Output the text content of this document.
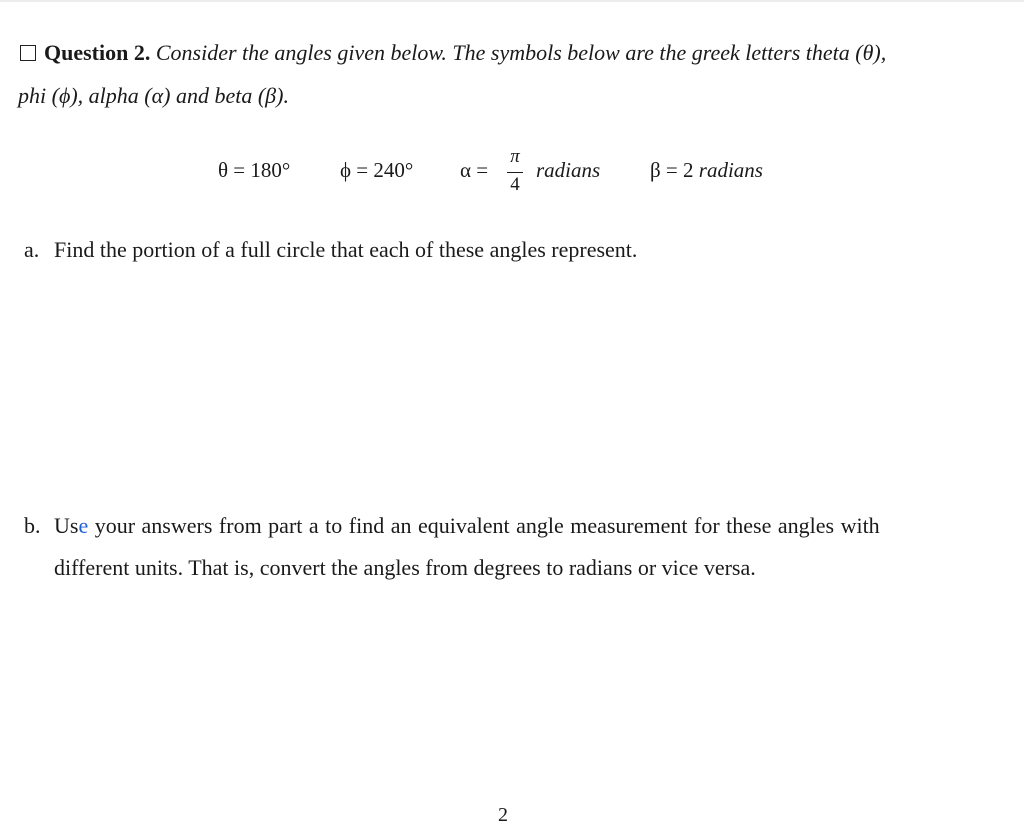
Question 2. Consider the angles given below. The symbols below are the greek letters theta (θ),
phi (ϕ), alpha (α) and beta (β).
θ = 180° ϕ = 240° α =
π
4
radians β = 2 radians
a. Find the portion of a full circle that each of these angles represent.
b. Use your answers from part a to find an equivalent angle measurement for these angles with
different units. That is, convert the angles from degrees to radians or vice versa.
2
